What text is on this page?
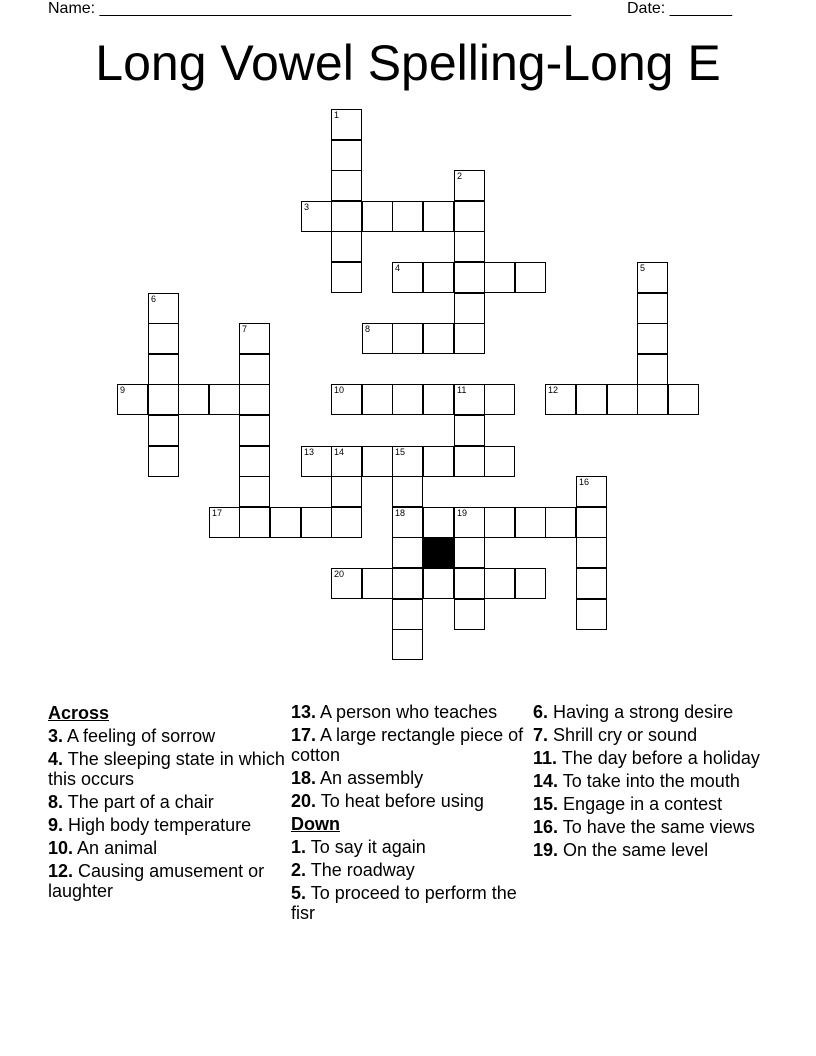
Name: _____________________________________________________	Date: _______
Long Vowel Spelling-Long E
1
2
3
4	5
6
7	8
9	10	11	12
13 14	15
16
17	18	19
20
Across
3. A feeling of sorrow
4. The sleeping state in which this occurs
8. The part of a chair
9. High body temperature
10. An animal
12. Causing amusement or laughter
13. A person who teaches
17. A large rectangle piece of cotton
18. An assembly
20. To heat before using
Down
1. To say it again
2. The roadway
5. To proceed to perform the fisr
6. Having a strong desire
7. Shrill cry or sound
11. The day before a holiday
14. To take into the mouth
15. Engage in a contest
16. To have the same views
19. On the same level
